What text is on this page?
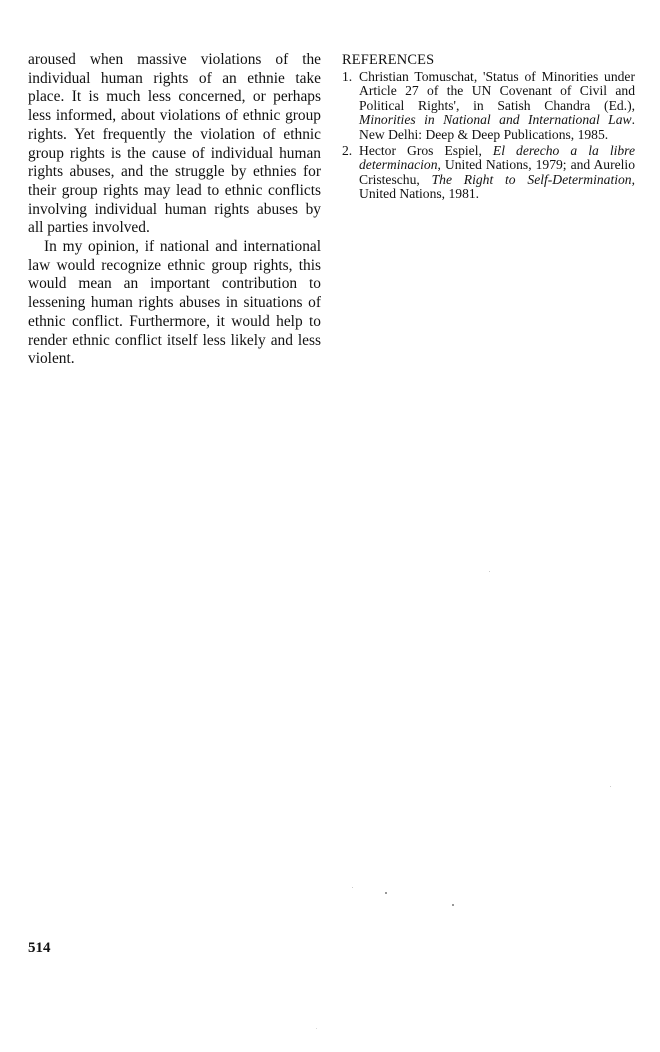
aroused when massive violations of the individual human rights of an ethnie take place. It is much less concerned, or perhaps less informed, about violations of ethnic group rights. Yet frequently the violation of ethnic group rights is the cause of individual human rights abuses, and the struggle by ethnies for their group rights may lead to ethnic conflicts involving individual human rights abuses by all parties involved.

In my opinion, if national and international law would recognize ethnic group rights, this would mean an important contribution to lessening human rights abuses in situations of ethnic conflict. Furthermore, it would help to render ethnic conflict itself less likely and less violent.

REFERENCES
1. Christian Tomuschat, 'Status of Minorities under Article 27 of the UN Covenant of Civil and Political Rights', in Satish Chandra (Ed.), Minorities in National and International Law. New Delhi: Deep & Deep Publications, 1985.
2. Hector Gros Espiel, El derecho a la libre determinacion, United Nations, 1979; and Aurelio Cristeschu, The Right to Self-Determination, United Nations, 1981.
514
